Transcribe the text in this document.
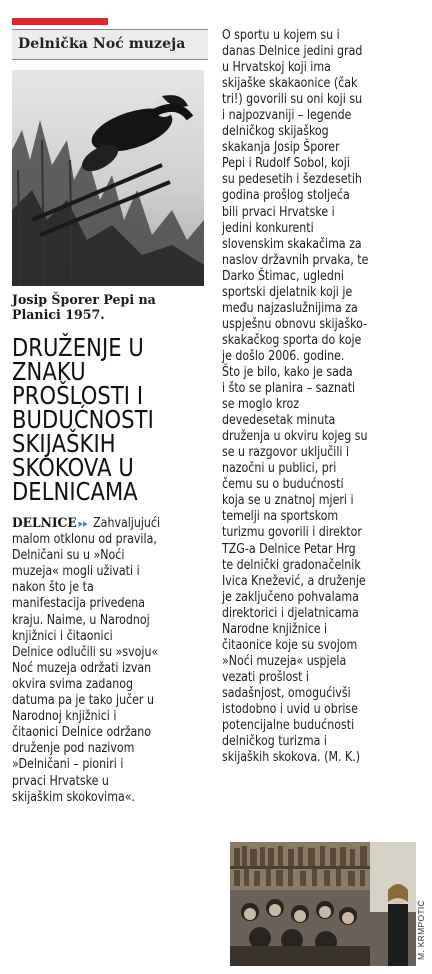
Delnička Noć muzeja
Josip Šporer Pepi na
Planici 1957.
DRUŽENJE U
ZNAKU
PROŠLOSTI I
BUDUĆNOSTI
SKIJAŠKIH
SKOKOVA U
DELNICAMA
DELNICE ▸▸ Zahvaljujući
malom otklonu od pravila,
Delničani su u »Noći
muzeja« mogli uživati i
nakon što je ta
manifestacija privedena
kraju. Naime, u Narodnoj
knjižnici i čitaonici
Delnice odlučili su »svoju«
Noć muzeja održati izvan
okvira svima zadanog
datuma pa je tako jučer u
Narodnoj knjižnici i
čitaonici Delnice održano
druženje pod nazivom
»Delničani – pioniri i
prvaci Hrvatske u
skijaškim skokovima«.
O sportu u kojem su i
danas Delnice jedini grad
u Hrvatskoj koji ima
skijaške skakaonice (čak
tri!) govorili su oni koji su
i najpozvaniji – legende
delničkog skijaškog
skakanja Josip Šporer
Pepi i Rudolf Sobol, koji
su pedesetih i šezdesetih
godina prošlog stoljeća
bili prvaci Hrvatske i
jedini konkurenti
slovenskim skakačima za
naslov državnih prvaka, te
Darko Štimac, ugledni
sportski djelatnik koji je
među najzaslužnijima za
uspješnu obnovu skijaško-
skakačkog sporta do koje
je došlo 2006. godine.
Što je bilo, kako je sada
i što se planira – saznati
se moglo kroz
devedesetak minuta
druženja u okviru kojeg su
se u razgovor uključili i
nazočni u publici, pri
čemu su o budućnosti
koja se u znatnoj mjeri i
temelji na sportskom
turizmu govorili i direktor
TZG-a Delnice Petar Hrg
te delnički gradonačelnik
Ivica Knežević, a druženje
je zaključeno pohvalama
direktorici i djelatnicama
Narodne knjižnice i
čitaonice koje su svojom
»Noći muzeja« uspjela
vezati prošlost i
sadašnjost, omogućivši
istodobno i uvid u obrise
potencijalne budućnosti
delničkog turizma i
skijaških skokova. (M. K.)
M. KRMPOTIĆ
